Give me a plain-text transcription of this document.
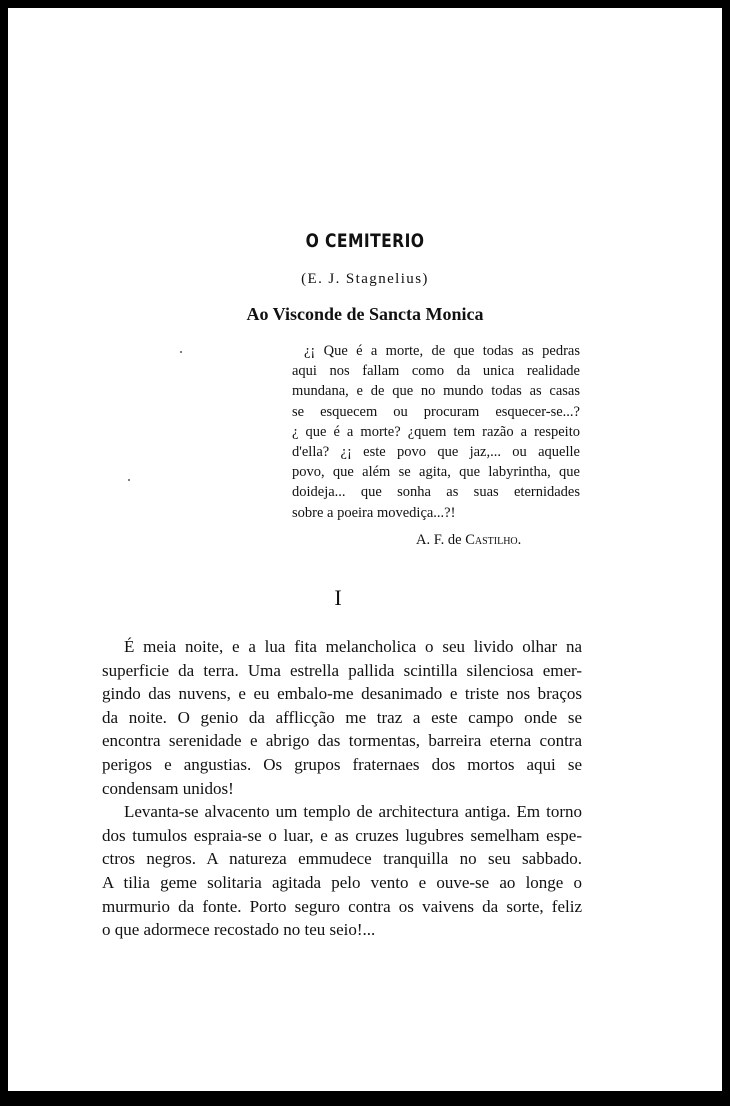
O CEMITERIO
(E. J. Stagnelius)
Ao Visconde de Sancta Monica
¿¡ Que é a morte, de que todas as pedras
aqui nos fallam como da unica realidade
mundana, e de que no mundo todas as casas
se esquecem ou procuram esquecer-se...?
¿ que é a morte? ¿quem tem razão a respeito
d'ella? ¿¡ este povo que jaz,... ou aquelle
povo, que além se agita, que labyrintha, que
doideja... que sonha as suas eternidades
sobre a poeira movediça...?!
A. F. de Castilho.
I
É meia noite, e a lua fita melancholica o seu livido olhar na
superficie da terra. Uma estrella pallida scintilla silenciosa emer-
gindo das nuvens, e eu embalo-me desanimado e triste nos braços
da noite. O genio da afflicção me traz a este campo onde se
encontra serenidade e abrigo das tormentas, barreira eterna contra
perigos e angustias. Os grupos fraternaes dos mortos aqui se
condensam unidos!
Levanta-se alvacento um templo de architectura antiga. Em torno
dos tumulos espraia-se o luar, e as cruzes lugubres semelham espe-
ctros negros. A natureza emmudece tranquilla no seu sabbado.
A tilia geme solitaria agitada pelo vento e ouve-se ao longe o
murmurio da fonte. Porto seguro contra os vaivens da sorte, feliz
o que adormece recostado no teu seio!...
